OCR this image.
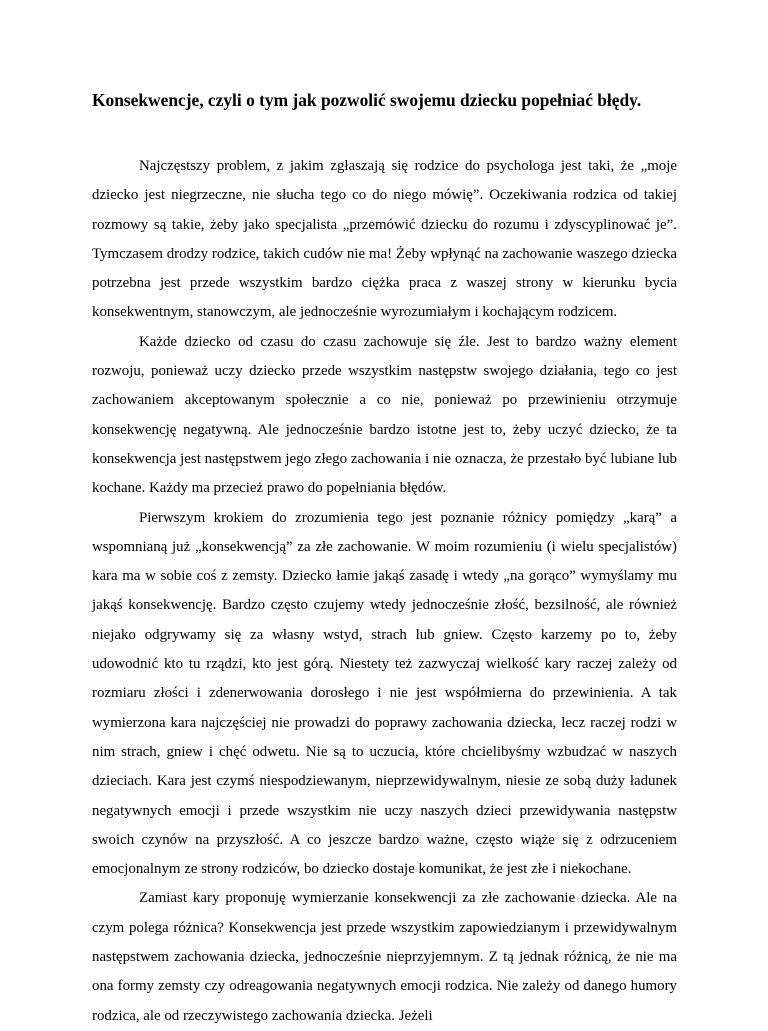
Konsekwencje, czyli o tym jak pozwolić swojemu dziecku popełniać błędy.

Najczęstszy problem, z jakim zgłaszają się rodzice do psychologa jest taki, że „moje dziecko jest niegrzeczne, nie słucha tego co do niego mówię”. Oczekiwania rodzica od takiej rozmowy są takie, żeby jako specjalista „przemówić dziecku do rozumu i zdyscyplinować je”. Tymczasem drodzy rodzice, takich cudów nie ma! Żeby wpłynąć na zachowanie waszego dziecka potrzebna jest przede wszystkim bardzo ciężka praca z waszej strony w kierunku bycia konsekwentnym, stanowczym, ale jednocześnie wyrozumiałym i kochającym rodzicem.

Każde dziecko od czasu do czasu zachowuje się źle. Jest to bardzo ważny element rozwoju, ponieważ uczy dziecko przede wszystkim następstw swojego działania, tego co jest zachowaniem akceptowanym społecznie a co nie, ponieważ po przewinieniu otrzymuje konsekwencję negatywną. Ale jednocześnie bardzo istotne jest to, żeby uczyć dziecko, że ta konsekwencja jest następstwem jego złego zachowania i nie oznacza, że przestało być lubiane lub kochane. Każdy ma przecież prawo do popełniania błędów.

Pierwszym krokiem do zrozumienia tego jest poznanie różnicy pomiędzy „karą” a wspomnianą już „konsekwencją” za złe zachowanie. W moim rozumieniu (i wielu specjalistów) kara ma w sobie coś z zemsty. Dziecko łamie jakąś zasadę i wtedy „na gorąco” wymyślamy mu jakąś konsekwencję. Bardzo często czujemy wtedy jednocześnie złość, bezsilność, ale również niejako odgrywamy się za własny wstyd, strach lub gniew. Często karzemy po to, żeby udowodnić kto tu rządzi, kto jest górą. Niestety też zazwyczaj wielkość kary raczej zależy od rozmiaru złości i zdenerwowania dorosłego i nie jest współmierna do przewinienia. A tak wymierzona kara najczęściej nie prowadzi do poprawy zachowania dziecka, lecz raczej rodzi w nim strach, gniew i chęć odwetu. Nie są to uczucia, które chcielibyśmy wzbudzać w naszych dzieciach. Kara jest czymś niespodziewanym, nieprzewidywalnym, niesie ze sobą duży ładunek negatywnych emocji i przede wszystkim nie uczy naszych dzieci przewidywania następstw swoich czynów na przyszłość. A co jeszcze bardzo ważne, często wiąże się z odrzuceniem emocjonalnym ze strony rodziców, bo dziecko dostaje komunikat, że jest złe i niekochane.

Zamiast kary proponuję wymierzanie konsekwencji za złe zachowanie dziecka. Ale na czym polega różnica? Konsekwencja jest przede wszystkim zapowiedzianym i przewidywalnym następstwem zachowania dziecka, jednocześnie nieprzyjemnym. Z tą jednak różnicą, że nie ma ona formy zemsty czy odreagowania negatywnych emocji rodzica. Nie zależy od danego humory rodzica, ale od rzeczywistego zachowania dziecka. Jeżeli
